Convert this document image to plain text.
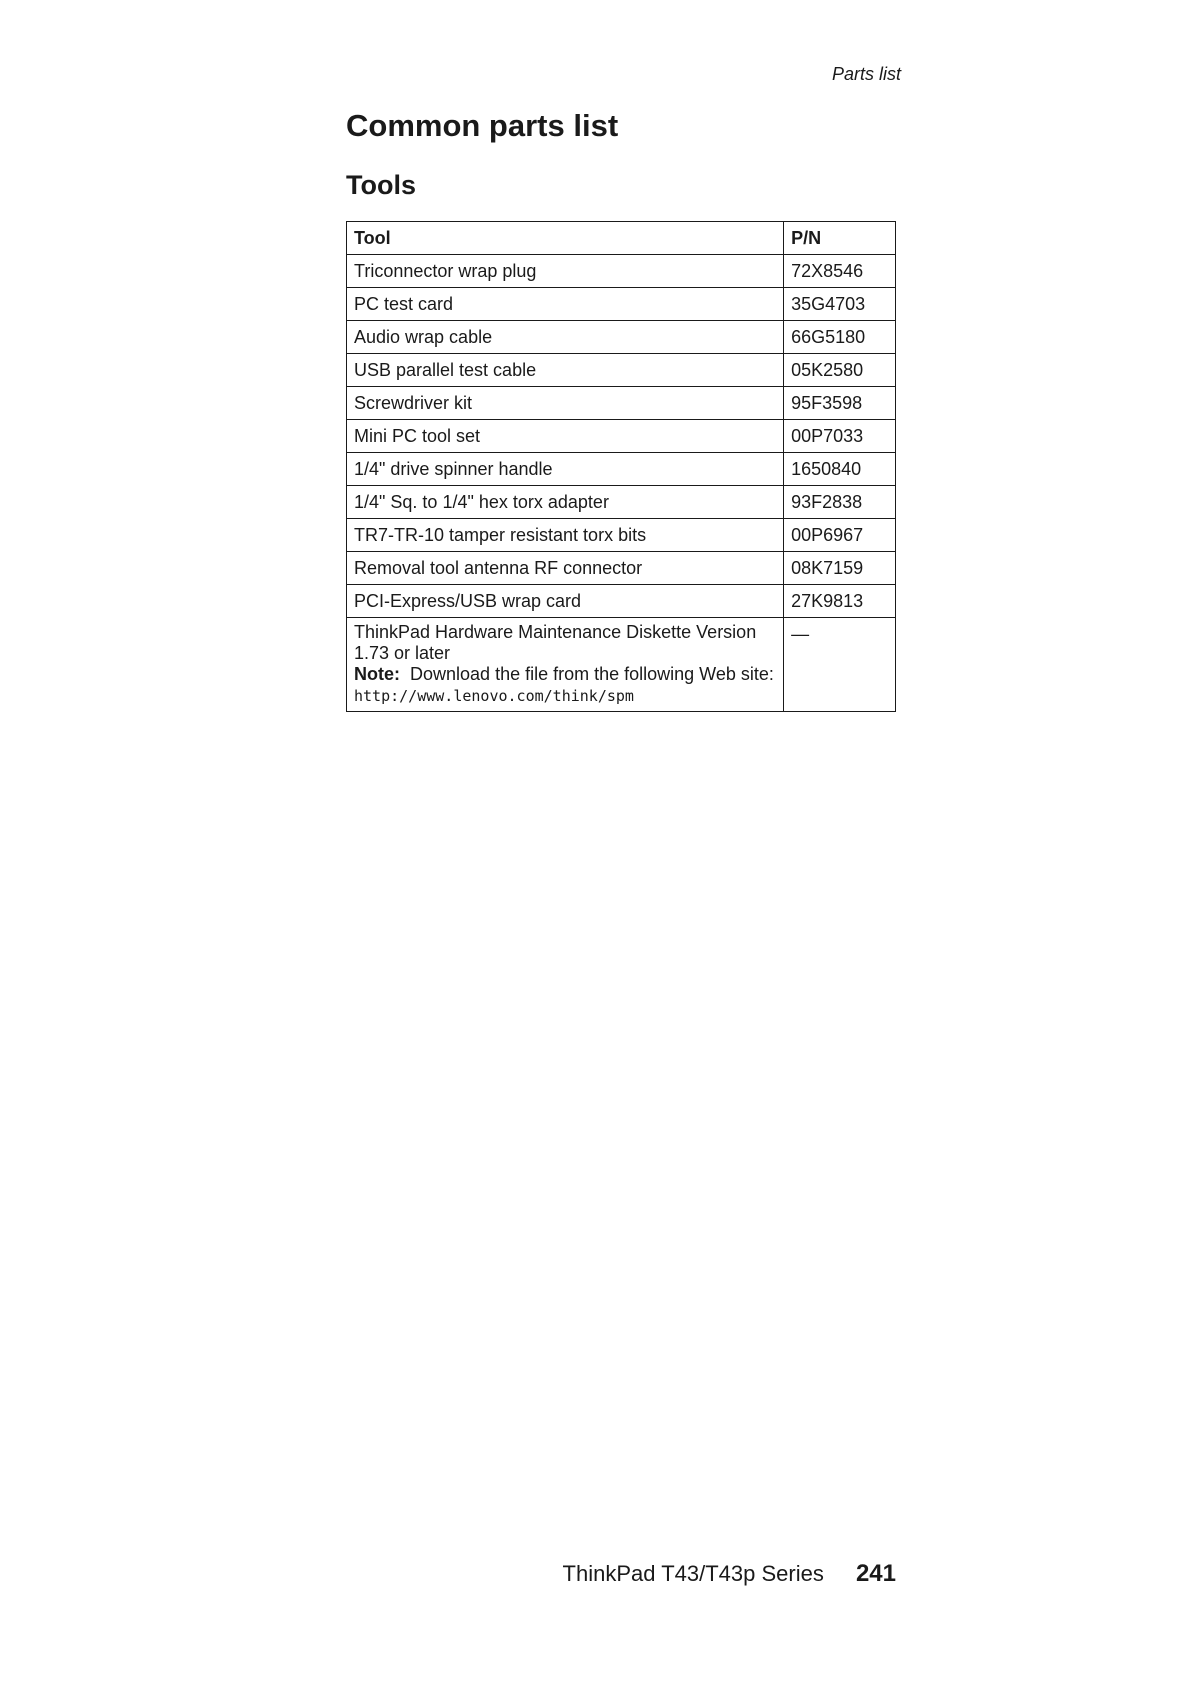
Parts list
Common parts list
Tools
Tool	P/N
Triconnector wrap plug	72X8546
PC test card	35G4703
Audio wrap cable	66G5180
USB parallel test cable	05K2580
Screwdriver kit	95F3598
Mini PC tool set	00P7033
1/4" drive spinner handle	1650840
1/4" Sq. to 1/4" hex torx adapter	93F2838
TR7-TR-10 tamper resistant torx bits	00P6967
Removal tool antenna RF connector	08K7159
PCI-Express/USB wrap card	27K9813

ThinkPad Hardware Maintenance Diskette Version
1.73 or later
Note: Download the file from the following Web site:
http://www.lenovo.com/think/spm	—
ThinkPad T43/T43p Series 241
